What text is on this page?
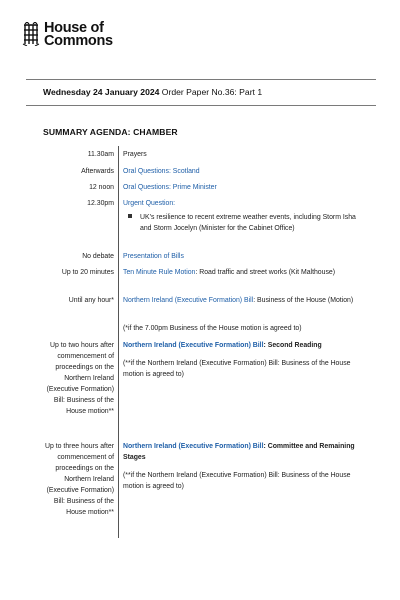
House of
Commons
Wednesday 24 January 2024 Order Paper No.36: Part 1
SUMMARY AGENDA: CHAMBER
11.30am Prayers
Afterwards Oral Questions: Scotland
12 noon Oral Questions: Prime Minister
12.30pm Urgent Question:
UK’s resilience to recent extreme weather events, including Storm Isha and Storm Jocelyn (Minister for the Cabinet Office)
No debate Presentation of Bills
Up to 20 minutes Ten Minute Rule Motion: Road traffic and street works (Kit Malthouse)
Until any hour* Northern Ireland (Executive Formation) Bill: Business of the House (Motion)
(*if the 7.00pm Business of the House motion is agreed to)
Up to two hours after commencement of proceedings on the Northern Ireland (Executive Formation) Bill: Business of the House motion**
Northern Ireland (Executive Formation) Bill: Second Reading
(**if the Northern Ireland (Executive Formation) Bill: Business of the House motion is agreed to)
Up to three hours after commencement of proceedings on the Northern Ireland (Executive Formation) Bill: Business of the House motion**
Northern Ireland (Executive Formation) Bill: Committee and Remaining Stages
(**if the Northern Ireland (Executive Formation) Bill: Business of the House motion is agreed to)
